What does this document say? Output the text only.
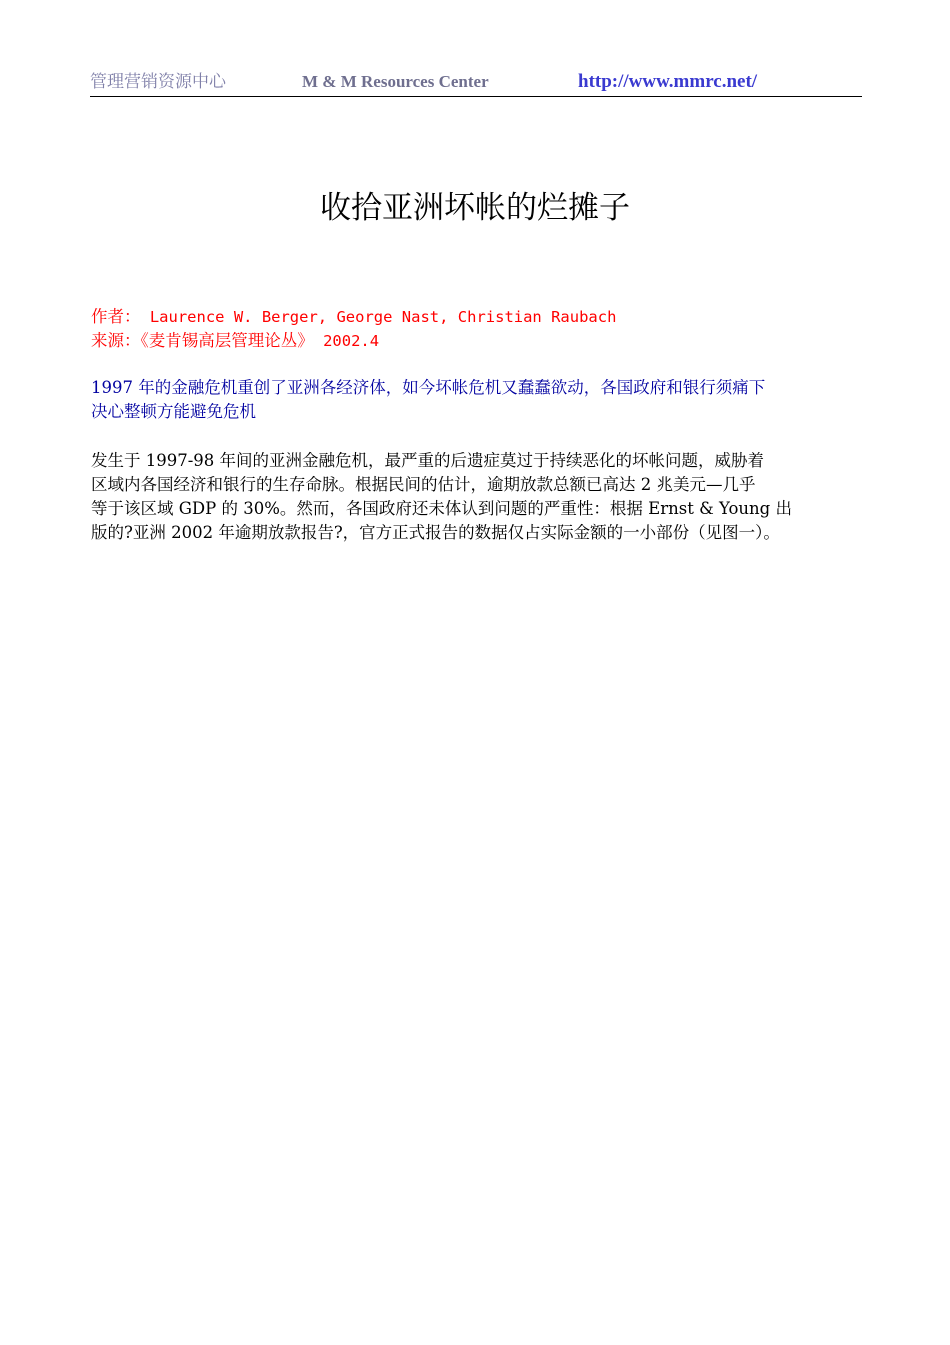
管理营销资源中心	M & M Resources Center	http://www.mmrc.net/
收拾亚洲坏帐的烂摊子
作者： Laurence W. Berger, George Nast, Christian Raubach
来源：《麦肯锡高层管理论丛》 2002.4
1997 年的金融危机重创了亚洲各经济体，如今坏帐危机又蠢蠢欲动，各国政府和银行须痛下
决心整顿方能避免危机
发生于 1997-98 年间的亚洲金融危机，最严重的后遗症莫过于持续恶化的坏帐问题，威胁着
区域内各国经济和银行的生存命脉。根据民间的估计，逾期放款总额已高达 2 兆美元—几乎
等于该区域 GDP 的 30%。然而，各国政府还未体认到问题的严重性：根据 Ernst & Young 出
版的?亚洲 2002 年逾期放款报告?，官方正式报告的数据仅占实际金额的一小部份（见图一）。
